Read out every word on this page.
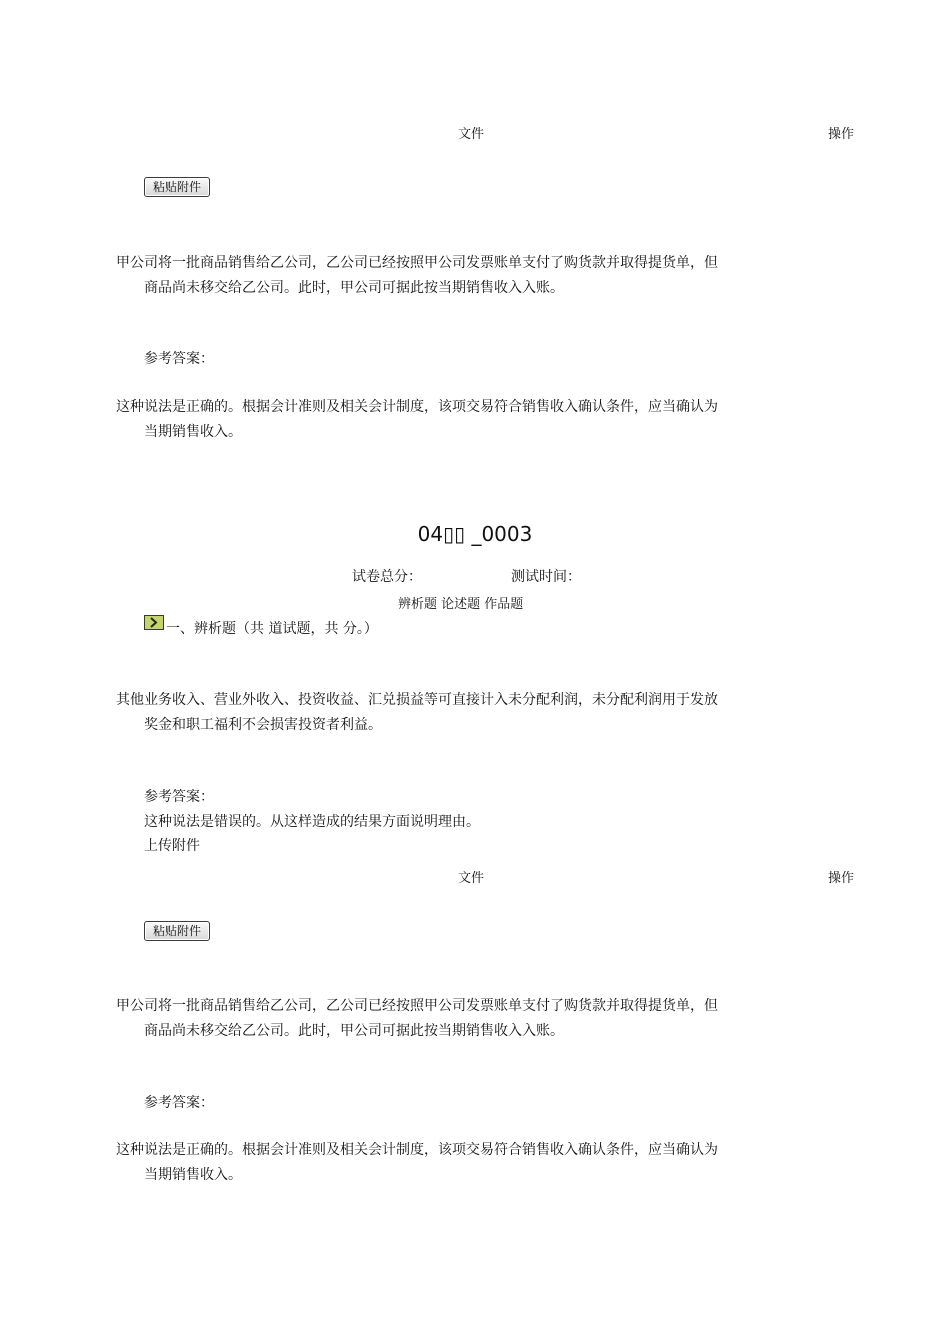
文件	操作
粘贴附件
甲公司将一批商品销售给乙公司，乙公司已经按照甲公司发票账单支付了购货款并取得提货单，但
商品尚未移交给乙公司。此时，甲公司可据此按当期销售收入入账。
参考答案：
这种说法是正确的。根据会计准则及相关会计制度，该项交易符合销售收入确认条件，应当确认为
当期销售收入。
04▯▯ _0003
试卷总分：	测试时间：
辨析题 论述题 作品题
一、辨析题（共 道试题，共 分。）
其他业务收入、营业外收入、投资收益、汇兑损益等可直接计入未分配利润，未分配利润用于发放
奖金和职工福利不会损害投资者利益。
参考答案：
这种说法是错误的。从这样造成的结果方面说明理由。
上传附件
文件	操作
粘贴附件
甲公司将一批商品销售给乙公司，乙公司已经按照甲公司发票账单支付了购货款并取得提货单，但
商品尚未移交给乙公司。此时，甲公司可据此按当期销售收入入账。
参考答案：
这种说法是正确的。根据会计准则及相关会计制度，该项交易符合销售收入确认条件，应当确认为
当期销售收入。
